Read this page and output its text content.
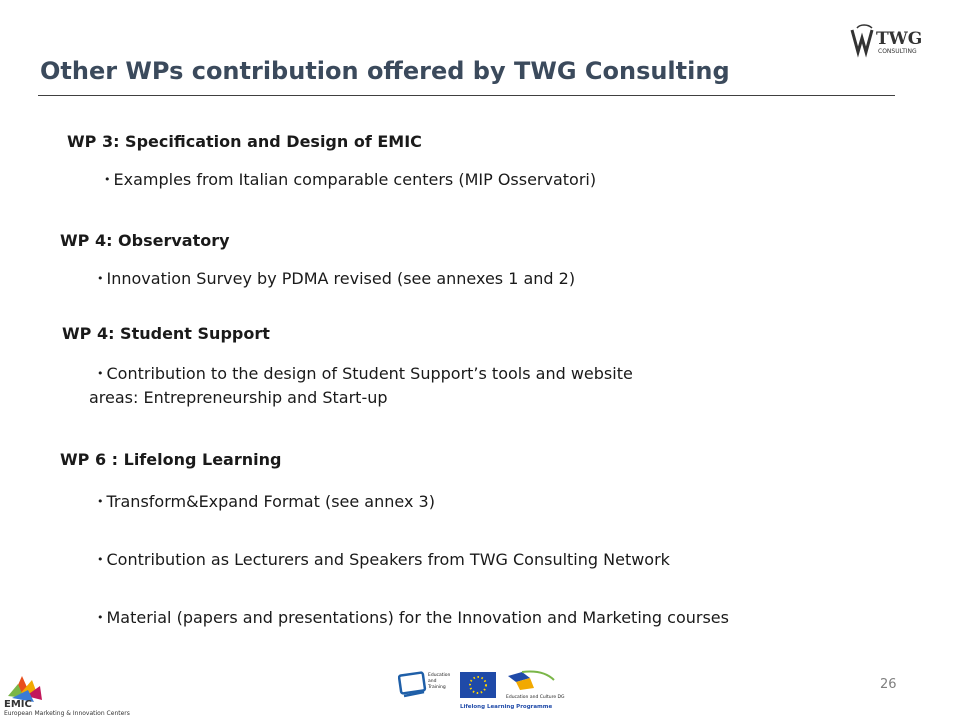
Other WPs contribution offered by TWG Consulting
TWG
CONSULTING
WP 3: Specification and Design of EMIC
• Examples from Italian comparable centers (MIP Osservatori)
WP 4: Observatory
• Innovation Survey by PDMA revised (see annexes 1 and 2)
WP 4: Student Support
• Contribution to the design of Student Support’s tools and website
areas: Entrepreneurship and Start-up
WP 6 : Lifelong Learning
• Transform&Expand Format (see annex 3)
• Contribution as Lecturers and Speakers from TWG Consulting Network
• Material (papers and presentations) for the Innovation and Marketing courses
EMIC
European Marketing & Innovation Centers
Education
and
Training
Education and Culture DG
Lifelong Learning Programme
26
